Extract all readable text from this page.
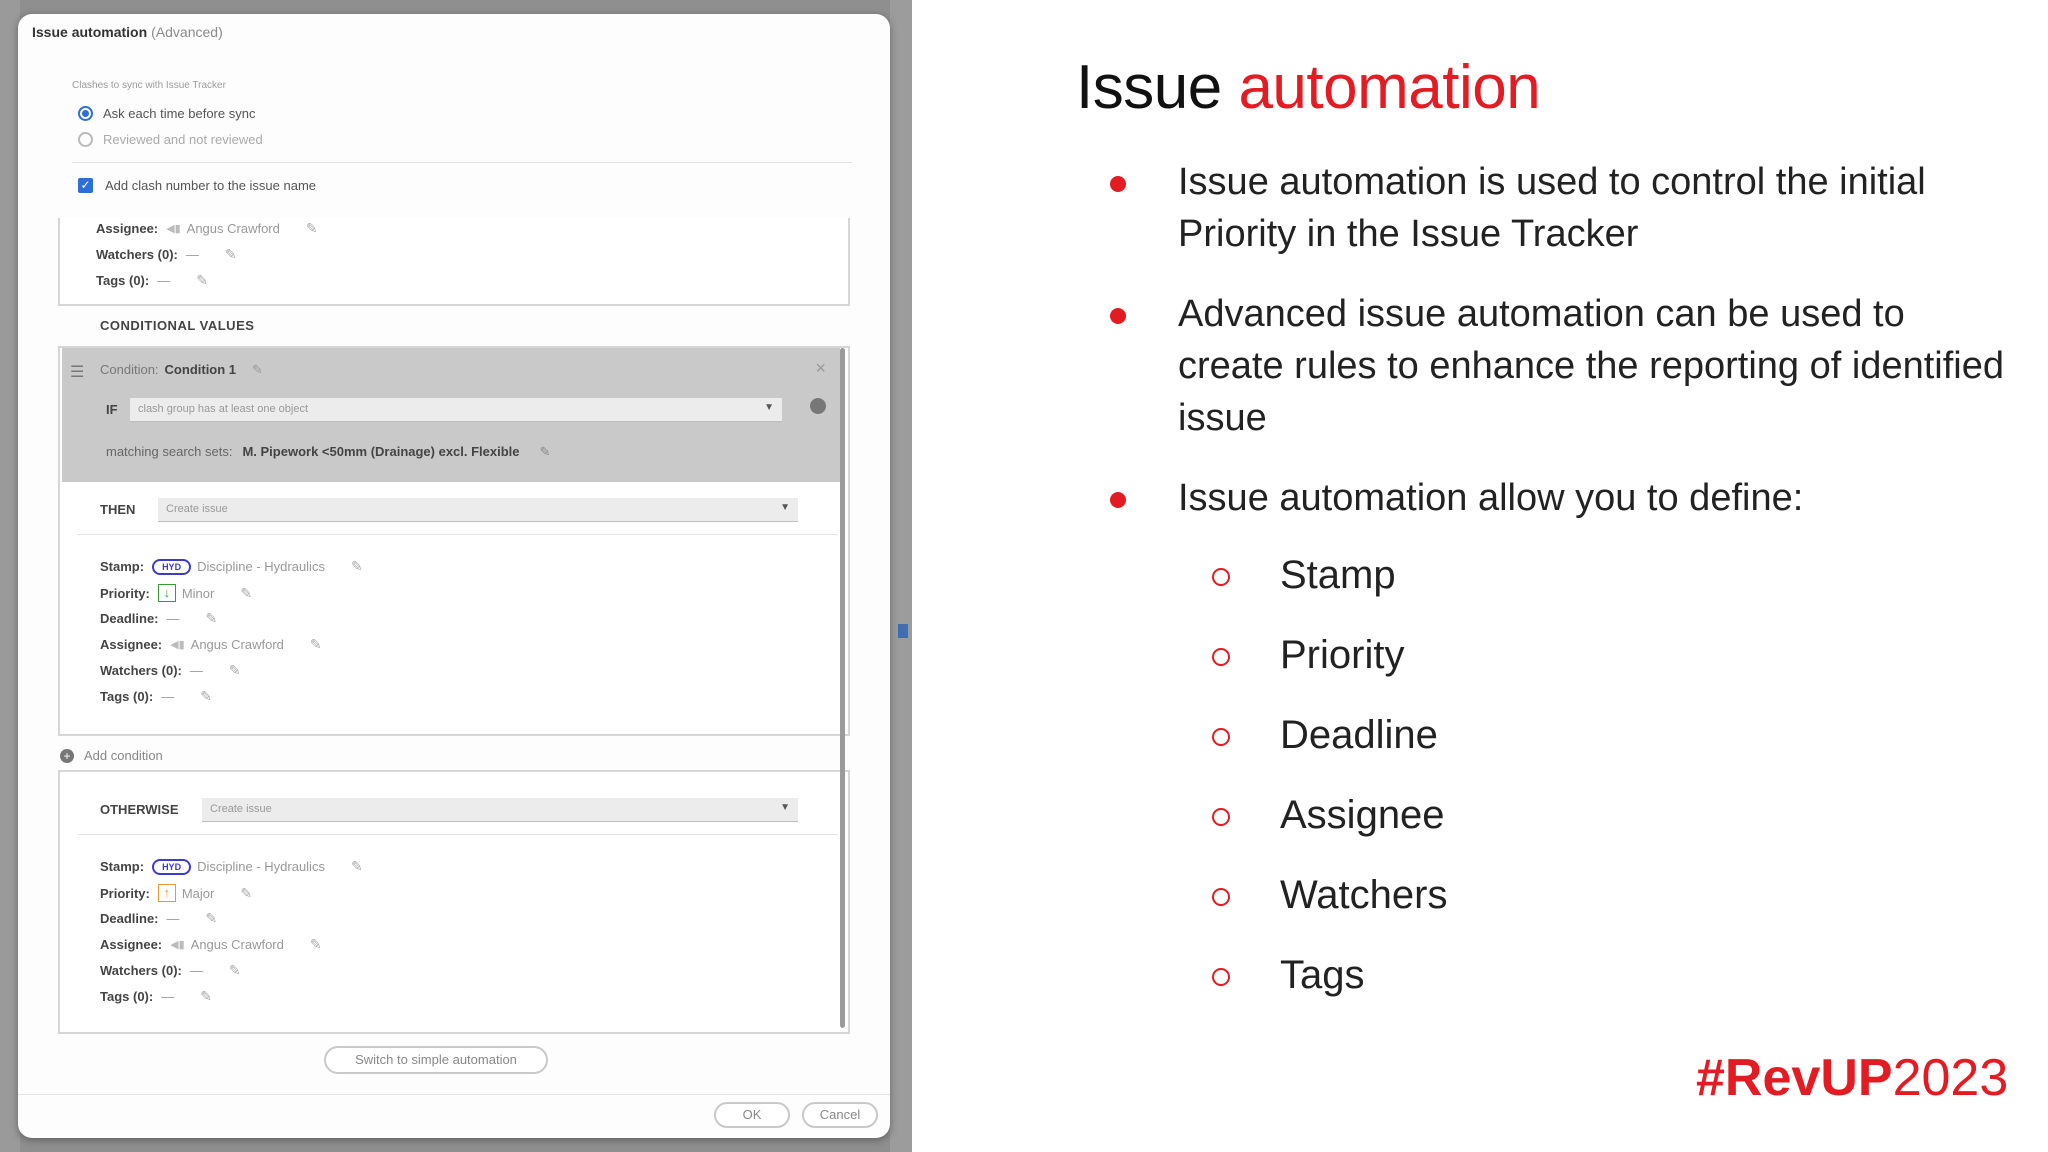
Issue automation (Advanced)
Clashes to sync with Issue Tracker
Ask each time before sync
Reviewed and not reviewed
✓ Add clash number to the issue name
Assignee: ◀▮ Angus Crawford ✎
Watchers (0): — ✎
Tags (0): — ✎
CONDITIONAL VALUES
☰ Condition: Condition 1 ✎	×
IF	clash group has at least one object	▼
matching search sets: M. Pipework <50mm (Drainage) excl. Flexible ✎
THEN	Create issue	▼
Stamp:	HYD	Discipline - Hydraulics ✎
Priority:	↓ Minor ✎
Deadline: — ✎
Assignee: ◀▮ Angus Crawford ✎
Watchers (0): — ✎
Tags (0): — ✎
+ Add condition
OTHERWISE	Create issue	▼
Stamp:	HYD	Discipline - Hydraulics ✎
Priority:	↑ Major ✎
Deadline: — ✎
Assignee: ◀▮ Angus Crawford ✎
Watchers (0): — ✎
Tags (0): — ✎
Switch to simple automation
OK	Cancel
Issue automation
Issue automation is used to control the initial Priority in the Issue Tracker
Advanced issue automation can be used to create rules to enhance the reporting of identified issue
Issue automation allow you to define:
Stamp
Priority
Deadline
Assignee
Watchers
Tags
#RevUP2023
